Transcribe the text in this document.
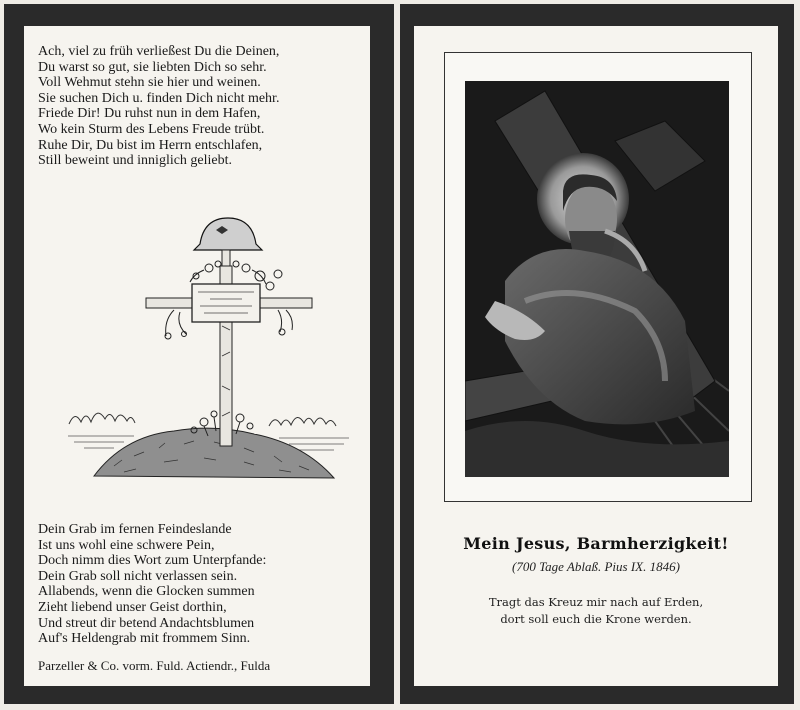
Ach, viel zu früh verließest Du die Deinen,
Du warst so gut, sie liebten Dich so sehr.
Voll Wehmut stehn sie hier und weinen.
Sie suchen Dich u. finden Dich nicht mehr.
Friede Dir! Du ruhst nun in dem Hafen,
Wo kein Sturm des Lebens Freude trübt.
Ruhe Dir, Du bist im Herrn entschlafen,
Still beweint und inniglich geliebt.
Dein Grab im fernen Feindeslande
Ist uns wohl eine schwere Pein,
Doch nimm dies Wort zum Unterpfande:
Dein Grab soll nicht verlassen sein.
Allabends, wenn die Glocken summen
Zieht liebend unser Geist dorthin,
Und streut dir betend Andachtsblumen
Auf's Heldengrab mit frommem Sinn.
Parzeller & Co. vorm. Fuld. Actiendr., Fulda
Mein Jesus, Barmherzigkeit!
(700 Tage Ablaß. Pius IX. 1846)
Tragt das Kreuz mir nach auf Erden,
dort soll euch die Krone werden.
